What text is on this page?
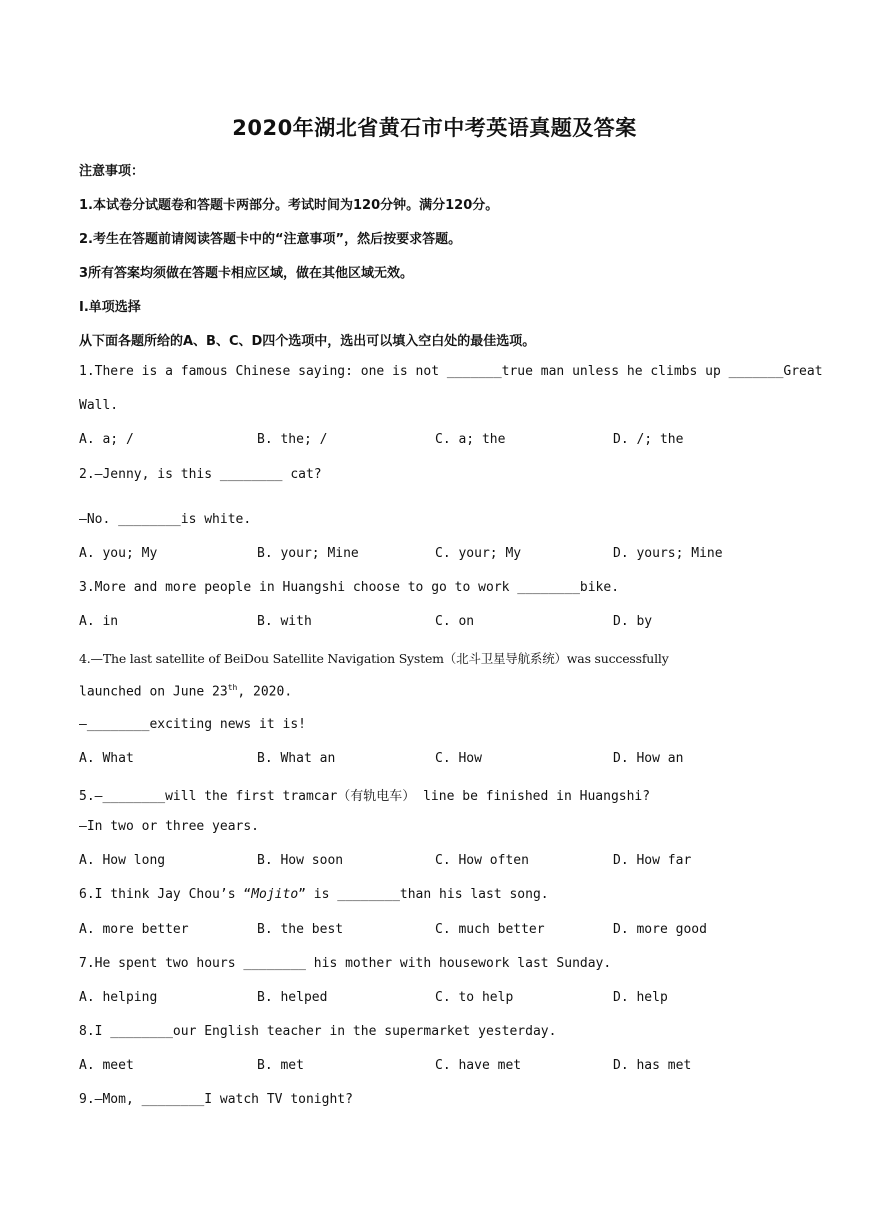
2020年湖北省黄石市中考英语真题及答案
注意事项：
1.本试卷分试题卷和答题卡两部分。考试时间为120分钟。满分120分。
2.考生在答题前请阅读答题卡中的“注意事项”，然后按要求答题。
3所有答案均须做在答题卡相应区域，做在其他区域无效。
I.单项选择
从下面各题所给的A、B、C、D四个选项中，选出可以填入空白处的最佳选项。
1.There is a famous Chinese saying: one is not _______true man unless he climbs up _______Great
Wall.
A. a; /	B. the; /	C. a; the	D. /; the
2.—Jenny, is this ________ cat?
—No. ________is white.
A. you; My	B. your; Mine	C. your; My	D. yours; Mine
3.More and more people in Huangshi choose to go to work ________bike.
A. in	B. with	C. on	D. by
4.—The last satellite of BeiDou Satellite Navigation System（北斗卫星导航系统）was successfully
launched on June 23th, 2020.
—________exciting news it is!
A. What	B. What an	C. How	D. How an
5.—________will the first tramcar（有轨电车） line be finished in Huangshi?
—In two or three years.
A. How long	B. How soon	C. How often	D. How far
6.I think Jay Chou’s “Mojito” is ________than his last song.
A. more better	B. the best	C. much better	D. more good
7.He spent two hours ________ his mother with housework last Sunday.
A. helping	B. helped	C. to help	D. help
8.I ________our English teacher in the supermarket yesterday.
A. meet	B. met	C. have met	D. has met
9.—Mom, ________I watch TV tonight?
